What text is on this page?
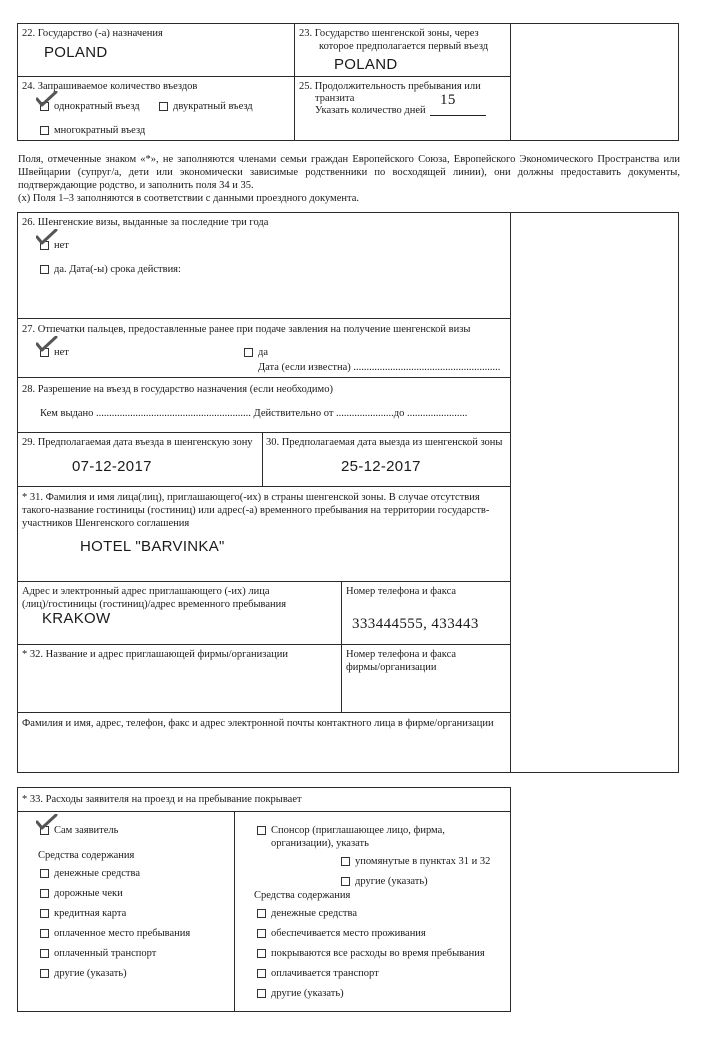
22. Государство (-а) назначения
POLAND
23. Государство шенгенской зоны, через
которое предполагается первый въезд
POLAND
24. Запрашиваемое количество въездов
однократный въезд	двукратный въезд
многократный въезд
25. Продолжительность пребывания или
транзита
Указать количество дней
15
Поля, отмеченные знаком «*», не заполняются членами семьи граждан Европейского Союза, Европейского Экономического Пространства или Швейцарии (супруг/а, дети или экономически зависимые родственники по восходящей линии), они должны предоставить документы, подтверждающие родство, и заполнить поля 34 и 35.
(x) Поля 1–3 заполняются в соответствии с данными проездного документа.
26. Шенгенские визы, выданные за последние три года
нет
да. Дата(-ы) срока действия:
27. Отпечатки пальцев, предоставленные ранее при подаче завления на получение шенгенской визы
нет	да
Дата (если известна) ........................................................
28. Разрешение на въезд в государство назначения (если необходимо)
Кем выдано ........................................................... Действительно от ......................до .......................
29. Предполагаемая дата въезда в шенгенскую зону
07-12-2017
30. Предполагаемая дата выезда из шенгенской зоны
25-12-2017
* 31. Фамилия и имя лица(лиц), приглашающего(-их) в страны шенгенской зоны. В случае отсутствия такого-название гостиницы (гостиниц) или адрес(-а) временного пребывания на территории государств-участников Шенгенского соглашения
HOTEL "BARVINKA"
Адрес и электронный адрес приглашающего (-их) лица
(лиц)/гостиницы (гостиниц)/адрес временного пребывания
KRAKOW
Номер телефона и факса
333444555, 433443
* 32. Название и адрес приглашающей фирмы/организации	Номер телефона и факса
фирмы/организации
Фамилия и имя, адрес, телефон, факс и адрес электронной почты контактного лица в фирме/организации
* 33. Расходы заявителя на проезд и на пребывание покрывает
Сам заявитель
Средства содержания
денежные средства
дорожные чеки
кредитная карта
оплаченное место пребывания
оплаченный транспорт
другие (указать)
Спонсор (приглашающее лицо, фирма,
организации), указать
упомянутые в пунктах 31 и 32
другие (указать)
Средства содержания
денежные средства
обеспечивается место проживания
покрываются все расходы во время пребывания
оплачивается транспорт
другие (указать)
